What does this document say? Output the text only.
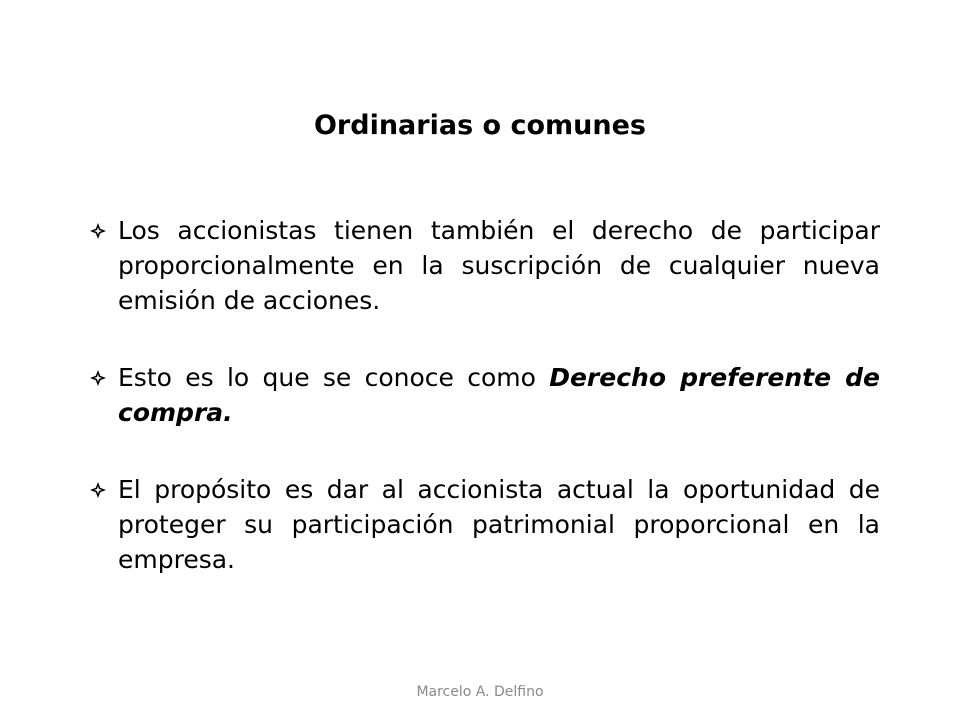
Ordinarias o comunes
Los accionistas tienen también el derecho de participar proporcionalmente en la suscripción de cualquier nueva emisión de acciones.
Esto es lo que se conoce como Derecho preferente de compra.
El propósito es dar al accionista actual la oportunidad de proteger su participación patrimonial proporcional en la empresa.
Marcelo A. Delfino
